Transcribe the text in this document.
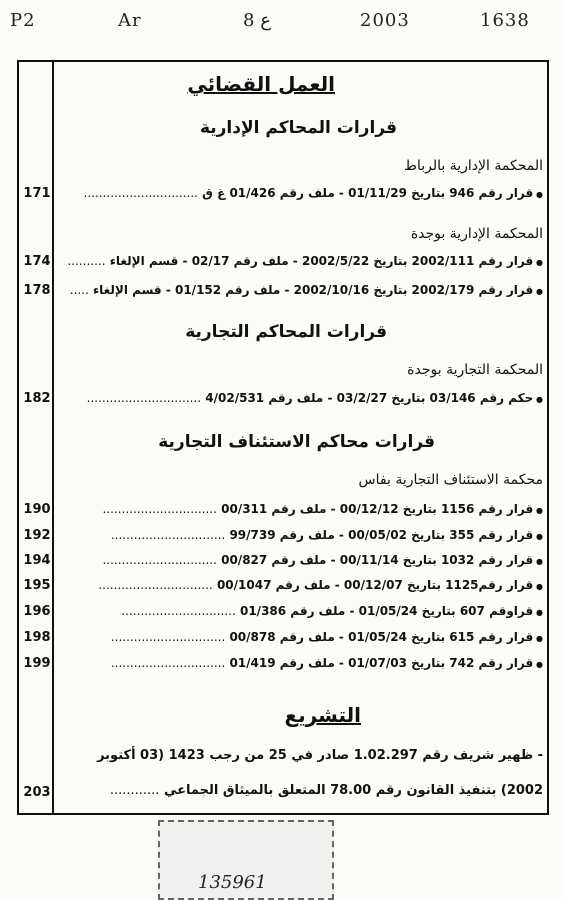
P2	Ar	8 ع	2003	1638
العمل القضائي
قرارات المحاكم الإدارية
المحكمة الإدارية بالرباط
● قرار رقم 946 بتاريخ 01/11/29 - ملف رقم 01/426 غ ق ..............................
171
المحكمة الإدارية بوجدة
● قرار رقم 2002/111 بتاريخ 2002/5/22 - ملف رقم 02/17 - قسم الإلغاء ..........
174
● قرار رقم 2002/179 بتاريخ 2002/10/16 - ملف رقم 01/152 - قسم الإلغاء .....
178
قرارات المحاكم التجارية
المحكمة التجارية بوجدة
● حكم رقم 03/146 بتاريخ 03/2/27 - ملف رقم 4/02/531 ..............................
182
قرارات محاكم الاستئناف التجارية
محكمة الاستئناف التجارية بفاس
● قرار رقم 1156 بتاريخ 00/12/12 - ملف رقم 00/311 ..............................
190
● قرار رقم 355 بتاريخ 00/05/02 - ملف رقم 99/739 ..............................
192
● قرار رقم 1032 بتاريخ 00/11/14 - ملف رقم 00/827 ..............................
194
● قرار رقم1125 بتاريخ 00/12/07 - ملف رقم 00/1047 ..............................
195
● قراوقم 607 بتاريخ 01/05/24 - ملف رقم 01/386 ..............................
196
● قرار رقم 615 بتاريخ 01/05/24 - ملف رقم 00/878 ..............................
198
● قرار رقم 742 بتاريخ 01/07/03 - ملف رقم 01/419 ..............................
199
التشريع
- ظهير شريف رقم 1.02.297 صادر في 25 من رجب 1423 (03 أكتوبر
2002) بتنفيذ القانون رقم 78.00 المتعلق بالميثاق الجماعي ............
203
135961
